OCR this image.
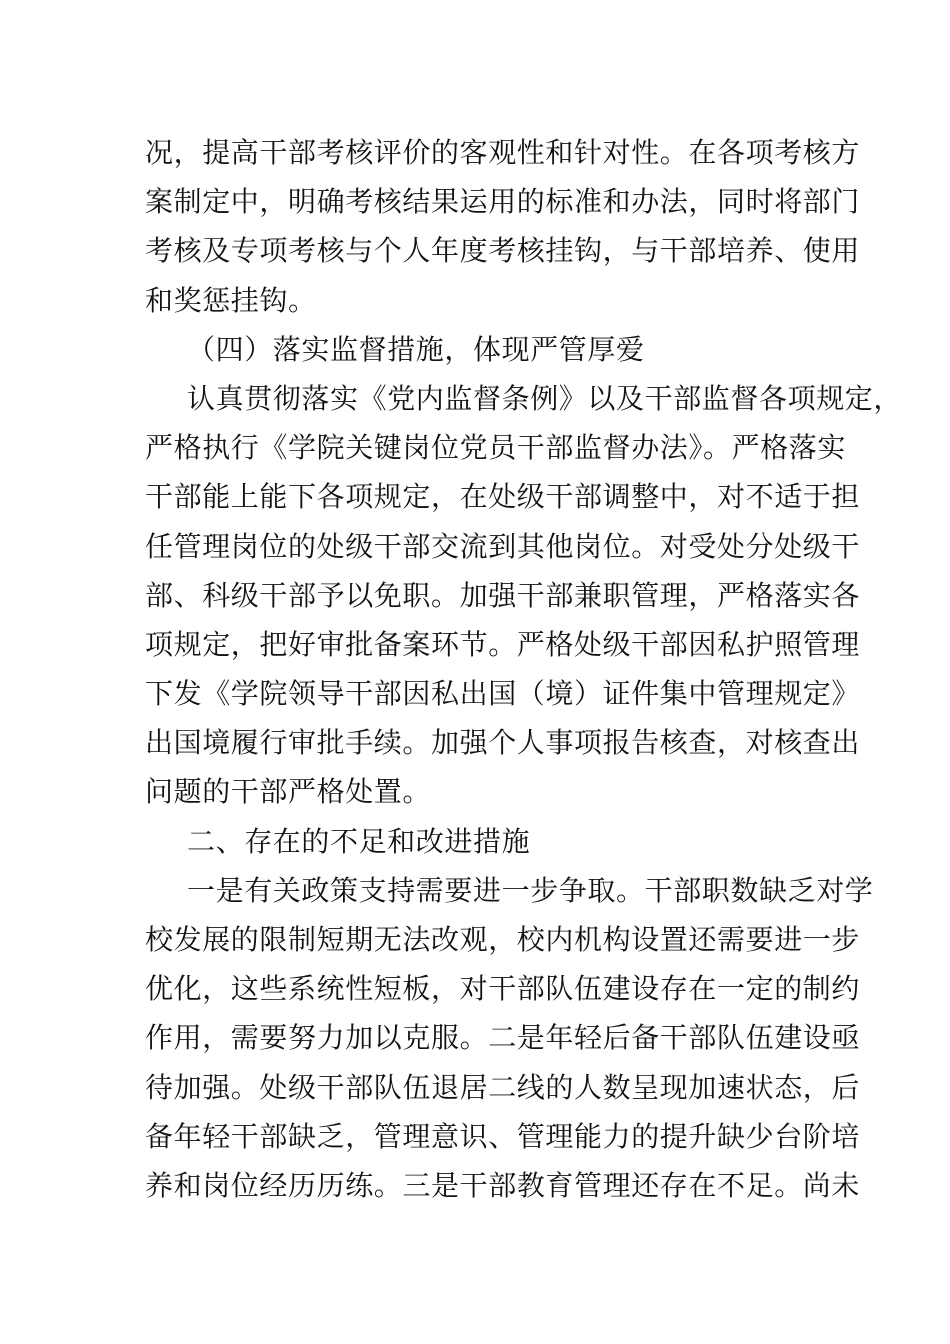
况，提高干部考核评价的客观性和针对性。在各项考核方
案制定中，明确考核结果运用的标准和办法，同时将部门
考核及专项考核与个人年度考核挂钩，与干部培养、使用
和奖惩挂钩。
（四）落实监督措施，体现严管厚爱
认真贯彻落实《党内监督条例》以及干部监督各项规定，
严格执行《学院关键岗位党员干部监督办法》。严格落实
干部能上能下各项规定，在处级干部调整中，对不适于担
任管理岗位的处级干部交流到其他岗位。对受处分处级干
部、科级干部予以免职。加强干部兼职管理，严格落实各
项规定，把好审批备案环节。严格处级干部因私护照管理
下发《学院领导干部因私出国（境）证件集中管理规定》
出国境履行审批手续。加强个人事项报告核查，对核查出
问题的干部严格处置。
二、存在的不足和改进措施
一是有关政策支持需要进一步争取。干部职数缺乏对学
校发展的限制短期无法改观，校内机构设置还需要进一步
优化，这些系统性短板，对干部队伍建设存在一定的制约
作用，需要努力加以克服。二是年轻后备干部队伍建设亟
待加强。处级干部队伍退居二线的人数呈现加速状态，后
备年轻干部缺乏，管理意识、管理能力的提升缺少台阶培
养和岗位经历历练。三是干部教育管理还存在不足。尚未
